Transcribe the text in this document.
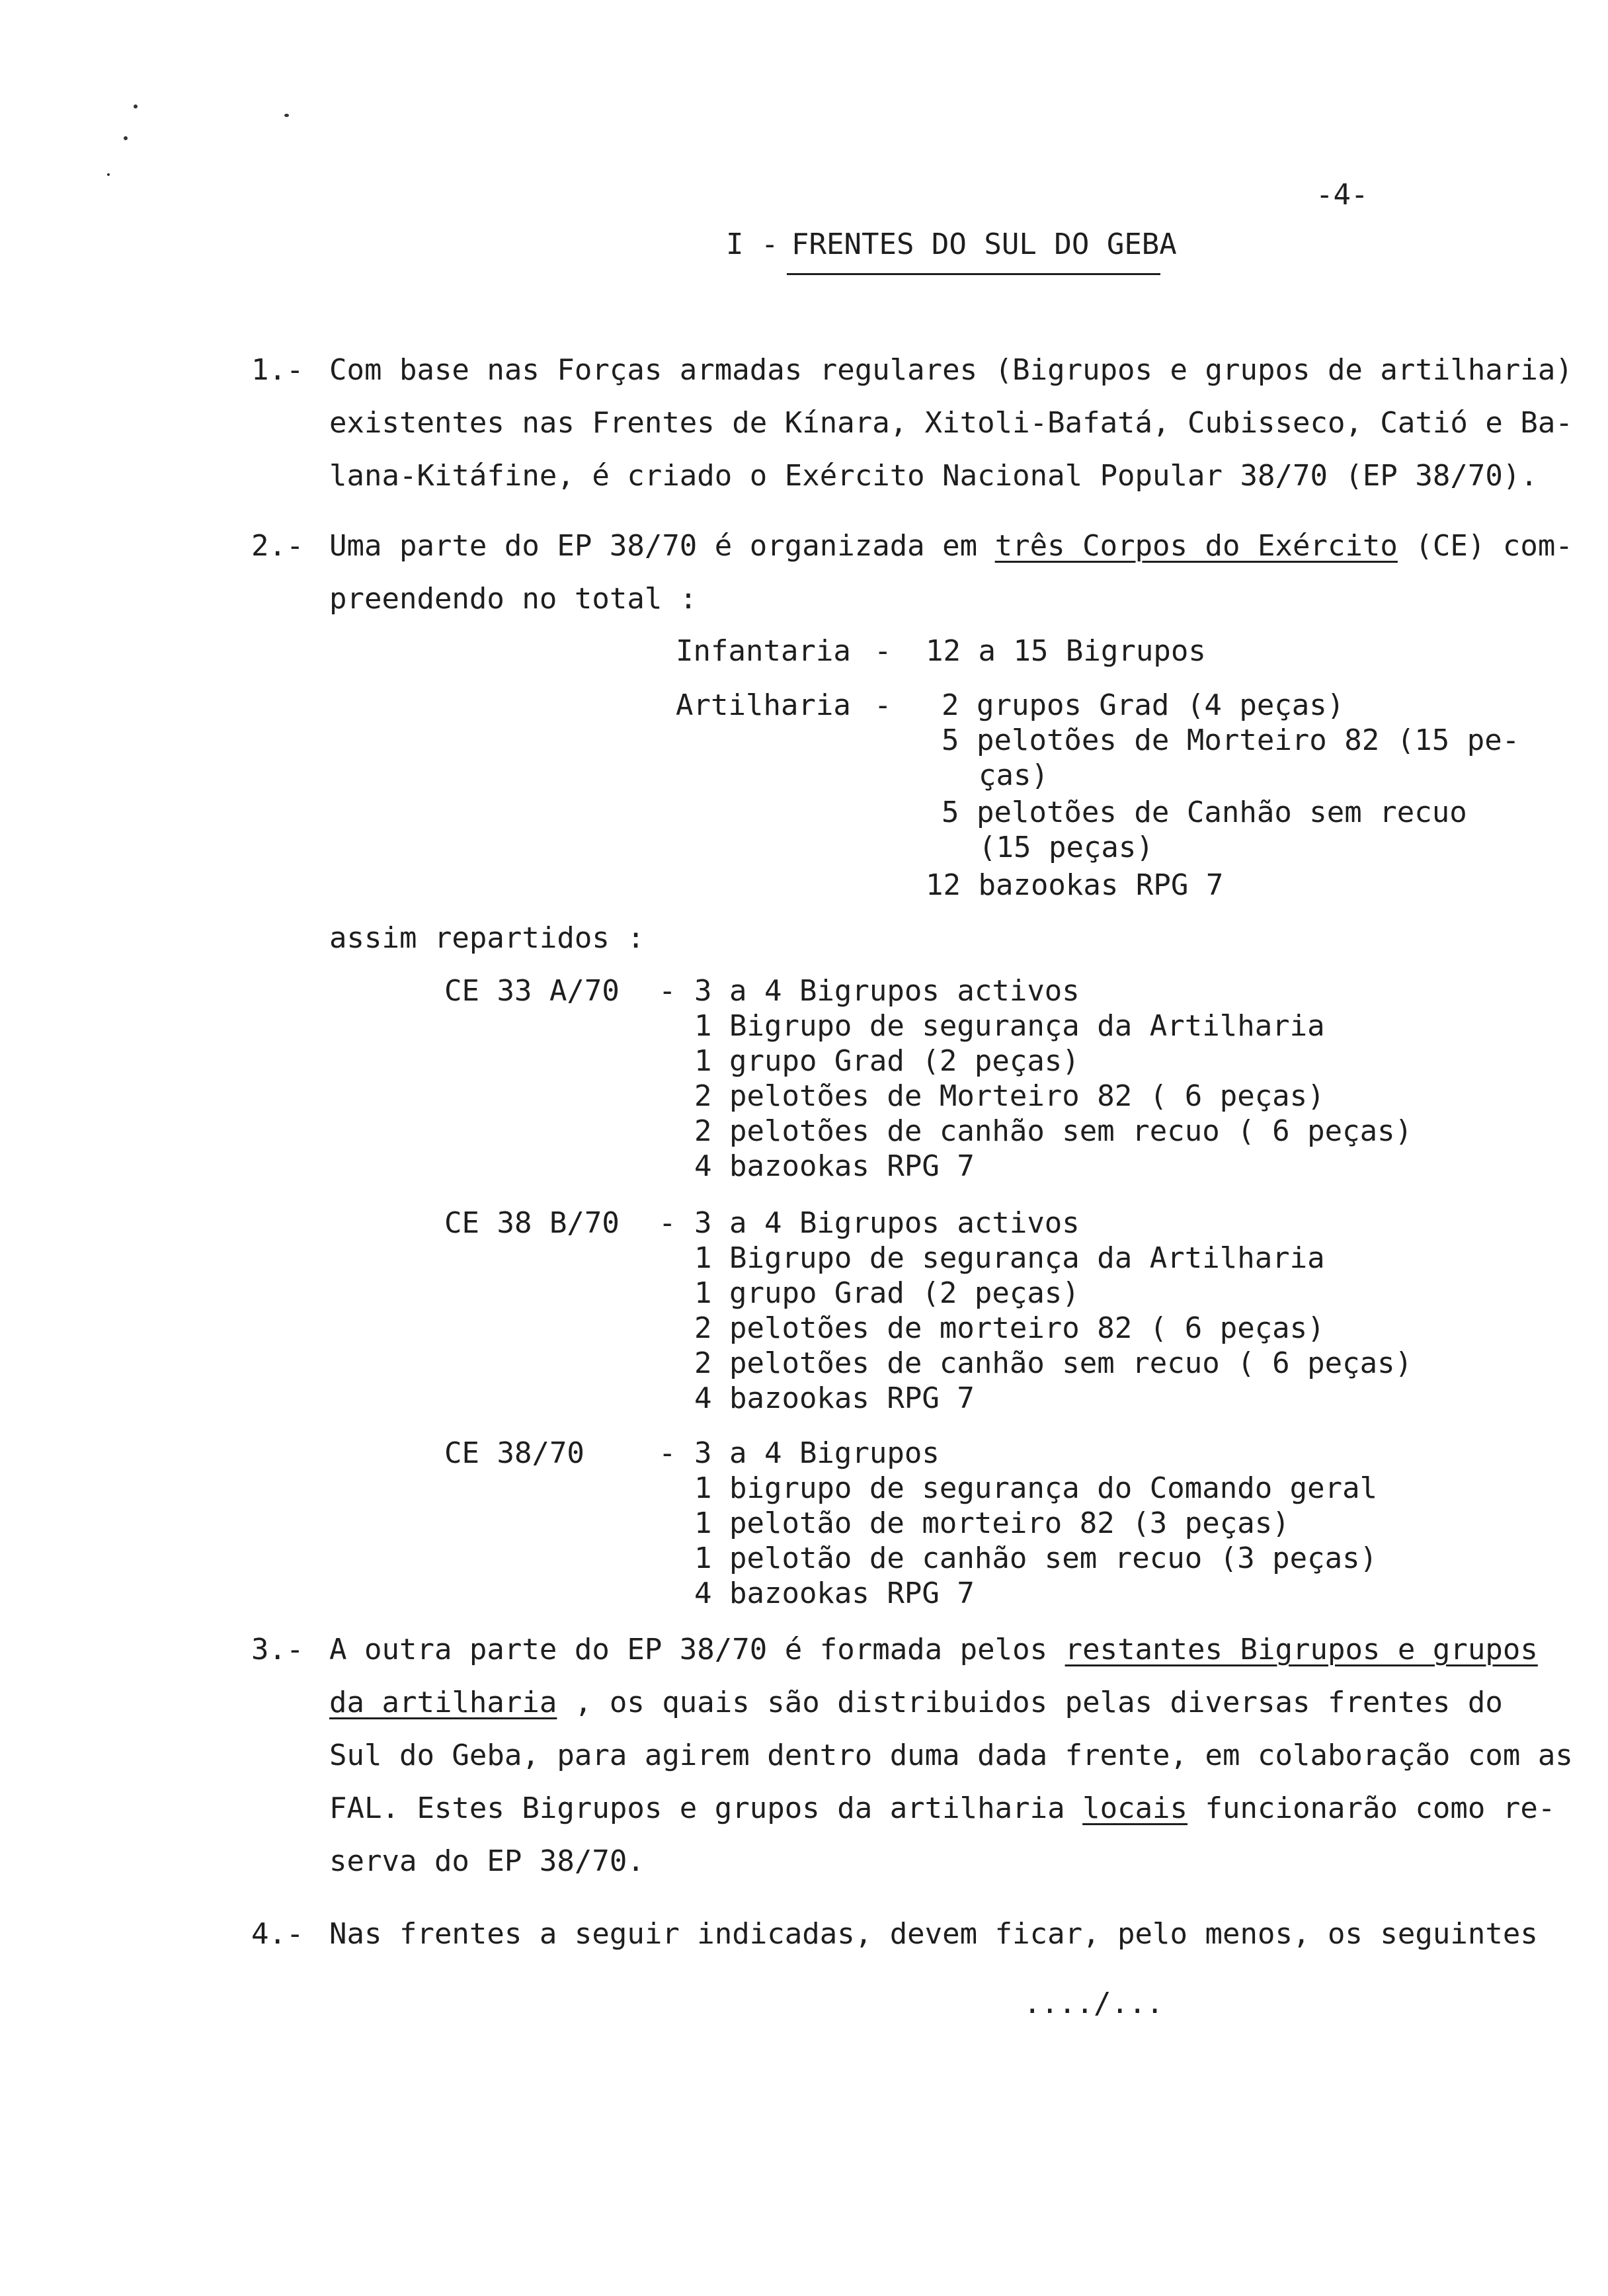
-4-
I - FRENTES DO SUL DO GEBA
1.- Com base nas Forças armadas regulares (Bigrupos e grupos de artilharia)
existentes nas Frentes de Kínara, Xitoli-Bafatá, Cubisseco, Catió e Ba-
lana-Kitáfine, é criado o Exército Nacional Popular 38/70 (EP 38/70).
2.- Uma parte do EP 38/70 é organizada em três Corpos do Exército (CE) com-
preendendo no total :
Infantaria - 12 a 15 Bigrupos
Artilharia - 2 grupos Grad (4 peças)
5 pelotões de Morteiro 82 (15 pe-
ças)
5 pelotões de Canhão sem recuo
(15 peças)
12 bazookas RPG 7
assim repartidos :
CE 33 A/70 - 3 a 4 Bigrupos activos
1 Bigrupo de segurança da Artilharia
1 grupo Grad (2 peças)
2 pelotões de Morteiro 82 ( 6 peças)
2 pelotões de canhão sem recuo ( 6 peças)
4 bazookas RPG 7
CE 38 B/70 - 3 a 4 Bigrupos activos
1 Bigrupo de segurança da Artilharia
1 grupo Grad (2 peças)
2 pelotões de morteiro 82 ( 6 peças)
2 pelotões de canhão sem recuo ( 6 peças)
4 bazookas RPG 7
CE 38/70	- 3 a 4 Bigrupos
1 bigrupo de segurança do Comando geral
1 pelotão de morteiro 82 (3 peças)
1 pelotão de canhão sem recuo (3 peças)
4 bazookas RPG 7
3.- A outra parte do EP 38/70 é formada pelos restantes Bigrupos e grupos
da artilharia , os quais são distribuidos pelas diversas frentes do
Sul do Geba, para agirem dentro duma dada frente, em colaboração com as
FAL. Estes Bigrupos e grupos da artilharia locais funcionarão como re-
serva do EP 38/70.
4.- Nas frentes a seguir indicadas, devem ficar, pelo menos, os seguintes
..../...
